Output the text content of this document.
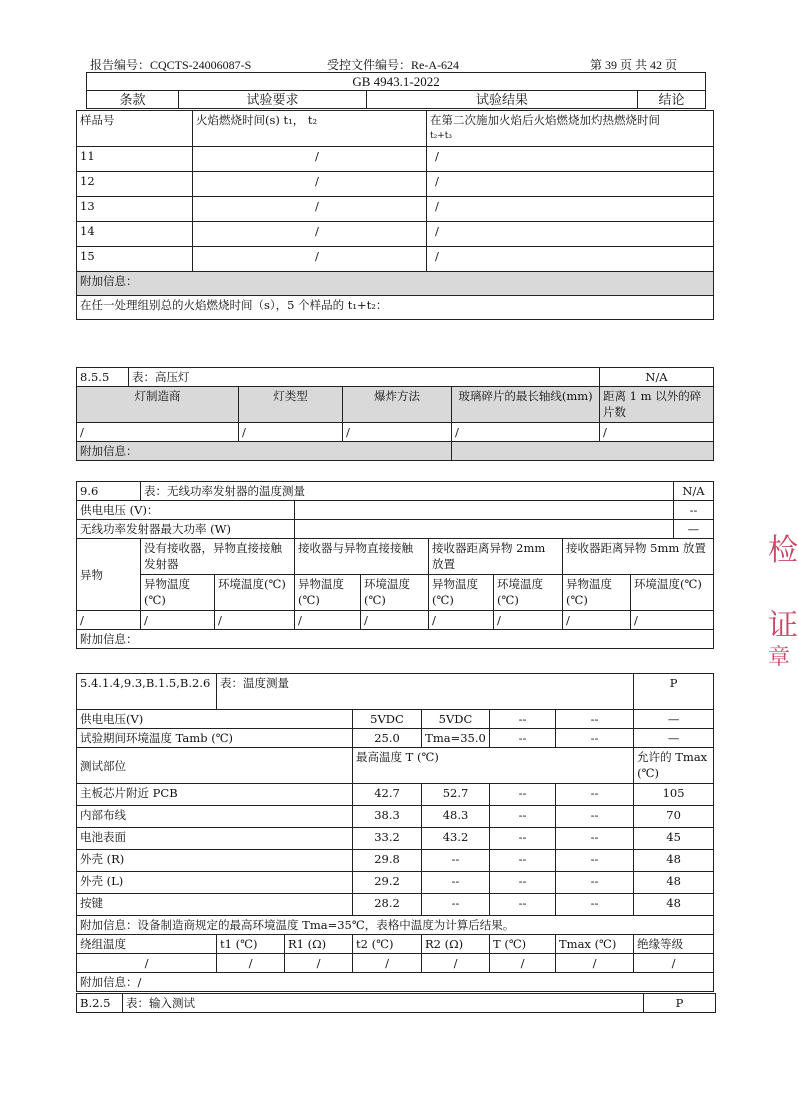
报告编号：CQCTS-24006087-S	受控文件编号：Re-A-624	第 39 页 共 42 页
GB 4943.1-2022
条款	试验要求	试验结果	结论
样品号	火焰燃烧时间(s) t₁， t₂	在第二次施加火焰后火焰燃烧加灼热燃烧时间
t₂+t₃

11	/	/
12	/	/
13	/	/
14	/	/
15	/	/
附加信息：		
在任一处理组别总的火焰燃烧时间（s），5 个样品的 t₁+t₂：		
8.5.5	表：高压灯				N/A
灯制造商		灯类型	爆炸方法	玻璃碎片的最长轴线(mm)	距离 1 m 以外的碎片数
/		/	/	/	/
附加信息：					
9.6	表：无线功率发射器的温度测量								N/A
供电电压 (V)：									--
无线功率发射器最大功率 (W)									—
异物	没有接收器，异物直接接触发射器		接收器与异物直接接触		接收器距离异物 2mm 放置		接收器距离异物 5mm 放置		
	异物温度(℃)	环境温度(℃)	异物温度(℃)	环境温度(℃)	异物温度(℃)	环境温度(℃)	异物温度(℃)	环境温度(℃)	
/	/	/	/	/	/	/	/	/	
附加信息：									
5.4.1.4,9.3,B.1.5,B.2.6	表：温度测量						P
供电电压(V)			5VDC	5VDC	--	--	—
试验期间环境温度 Tamb (℃)			25.0	Tma=35.0	--	--	—
测试部位			最高温度 T (℃)				允许的 Tmax (℃)
主板芯片附近 PCB			42.7	52.7	--	--	105
内部布线			38.3	48.3	--	--	70
电池表面			33.2	43.2	--	--	45
外壳 (R)			29.8	--	--	--	48
外壳 (L)			29.2	--	--	--	48
按键			28.2	--	--	--	48
附加信息：设备制造商规定的最高环境温度 Tma=35℃，表格中温度为计算后结果。							
绕组温度	t1 (℃)	R1 (Ω)	t2 (℃)	R2 (Ω)	T (℃)	Tmax (℃)	绝缘等级
/	/	/	/	/	/	/	/
附加信息：/							
B.2.5	表：输入测试	P
检
证
章
